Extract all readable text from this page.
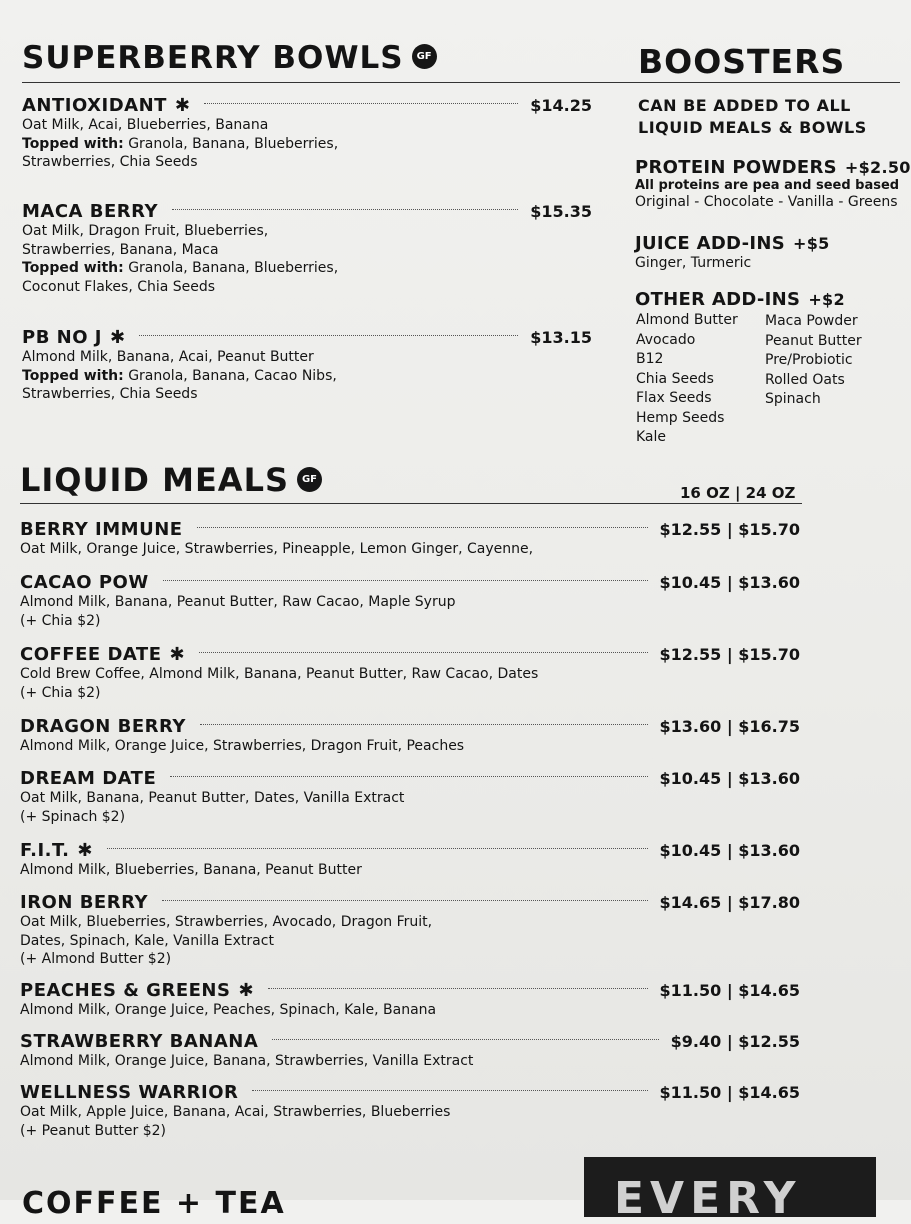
SUPERBERRY BOWLS GF
ANTIOXIDANT ✱	$14.25
Oat Milk, Acai, Blueberries, Banana
Topped with: Granola, Banana, Blueberries,
Strawberries, Chia Seeds
MACA BERRY	$15.35
Oat Milk, Dragon Fruit, Blueberries,
Strawberries, Banana, Maca
Topped with: Granola, Banana, Blueberries,
Coconut Flakes, Chia Seeds
PB NO J ✱	$13.15
Almond Milk, Banana, Acai, Peanut Butter
Topped with: Granola, Banana, Cacao Nibs,
Strawberries, Chia Seeds
BOOSTERS
CAN BE ADDED TO ALL
LIQUID MEALS & BOWLS
PROTEIN POWDERS +$2.50
All proteins are pea and seed based
Original - Chocolate - Vanilla - Greens
JUICE ADD-INS +$5
Ginger, Turmeric
OTHER ADD-INS +$2
Almond Butter
Avocado
B12
Chia Seeds
Flax Seeds
Hemp Seeds
Kale
Maca Powder
Peanut Butter
Pre/Probiotic
Rolled Oats
Spinach
LIQUID MEALS GF
16 OZ | 24 OZ
BERRY IMMUNE	$12.55 | $15.70
Oat Milk, Orange Juice, Strawberries, Pineapple, Lemon Ginger, Cayenne,
CACAO POW	$10.45 | $13.60
Almond Milk, Banana, Peanut Butter, Raw Cacao, Maple Syrup
(+ Chia $2)
COFFEE DATE ✱	$12.55 | $15.70
Cold Brew Coffee, Almond Milk, Banana, Peanut Butter, Raw Cacao, Dates
(+ Chia $2)
DRAGON BERRY	$13.60 | $16.75
Almond Milk, Orange Juice, Strawberries, Dragon Fruit, Peaches
DREAM DATE	$10.45 | $13.60
Oat Milk, Banana, Peanut Butter, Dates, Vanilla Extract
(+ Spinach $2)
F.I.T. ✱	$10.45 | $13.60
Almond Milk, Blueberries, Banana, Peanut Butter
IRON BERRY	$14.65 | $17.80
Oat Milk, Blueberries, Strawberries, Avocado, Dragon Fruit,
Dates, Spinach, Kale, Vanilla Extract
(+ Almond Butter $2)
PEACHES & GREENS ✱	$11.50 | $14.65
Almond Milk, Orange Juice, Peaches, Spinach, Kale, Banana
STRAWBERRY BANANA	$9.40 | $12.55
Almond Milk, Orange Juice, Banana, Strawberries, Vanilla Extract
WELLNESS WARRIOR	$11.50 | $14.65
Oat Milk, Apple Juice, Banana, Acai, Strawberries, Blueberries
(+ Peanut Butter $2)
COFFEE + TEA	EVERY
